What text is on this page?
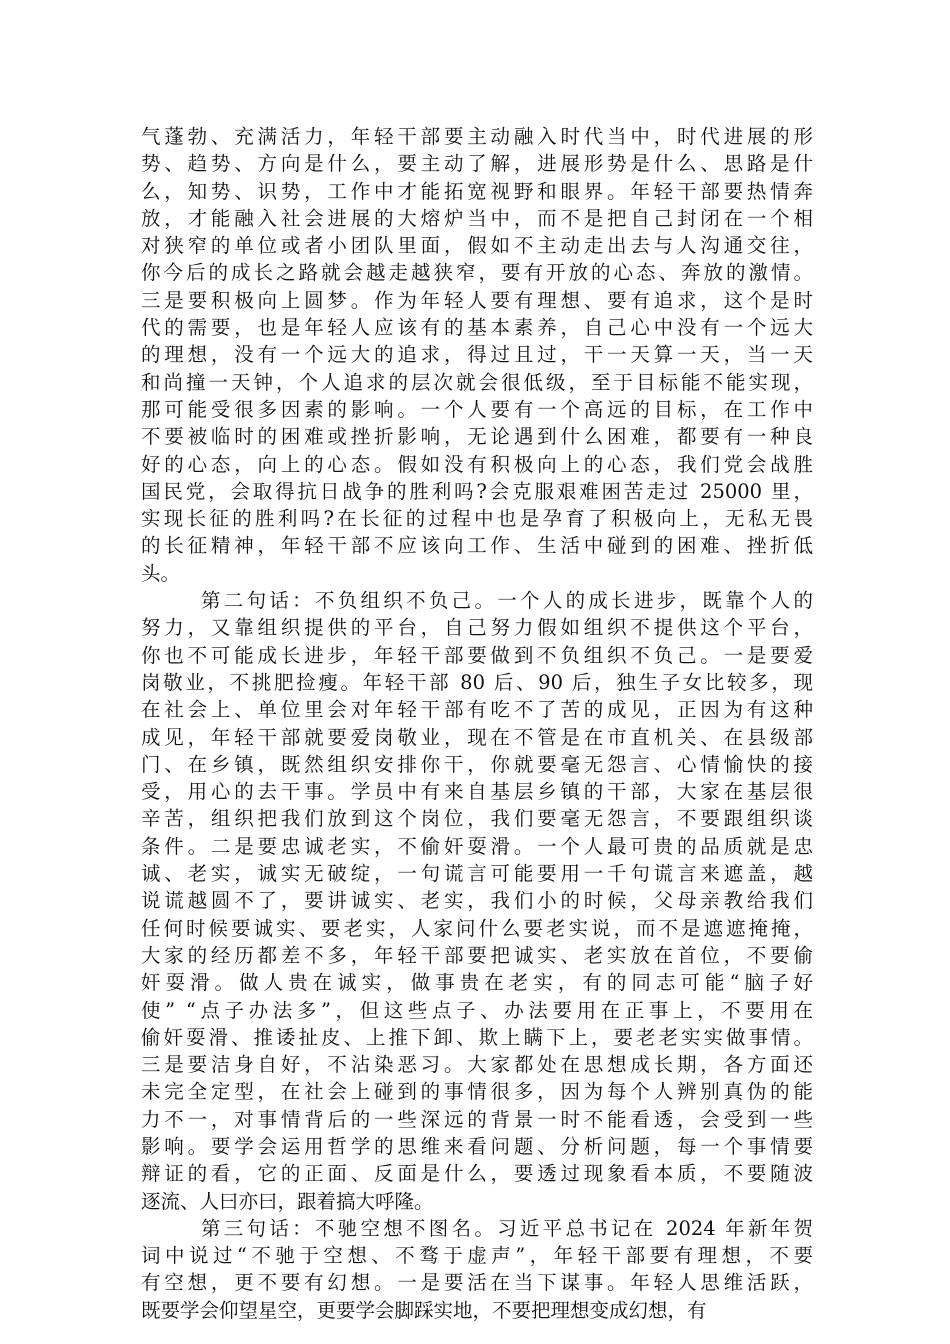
气蓬勃、充满活力，年轻干部要主动融入时代当中，时代进展的形
势、趋势、方向是什么，要主动了解，进展形势是什么、思路是什
么，知势、识势，工作中才能拓宽视野和眼界。年轻干部要热情奔
放，才能融入社会进展的大熔炉当中，而不是把自己封闭在一个相
对狭窄的单位或者小团队里面，假如不主动走出去与人沟通交往，
你今后的成长之路就会越走越狭窄，要有开放的心态、奔放的激情。
三是要积极向上圆梦。作为年轻人要有理想、要有追求，这个是时
代的需要，也是年轻人应该有的基本素养，自己心中没有一个远大
的理想，没有一个远大的追求，得过且过，干一天算一天，当一天
和尚撞一天钟，个人追求的层次就会很低级，至于目标能不能实现，
那可能受很多因素的影响。一个人要有一个高远的目标，在工作中
不要被临时的困难或挫折影响，无论遇到什么困难，都要有一种良
好的心态，向上的心态。假如没有积极向上的心态，我们党会战胜
国民党，会取得抗日战争的胜利吗?会克服艰难困苦走过 25000 里，
实现长征的胜利吗?在长征的过程中也是孕育了积极向上，无私无畏
的长征精神，年轻干部不应该向工作、生活中碰到的困难、挫折低
头。
第二句话：不负组织不负己。一个人的成长进步，既靠个人的
努力，又靠组织提供的平台，自己努力假如组织不提供这个平台，
你也不可能成长进步，年轻干部要做到不负组织不负己。一是要爱
岗敬业，不挑肥捡瘦。年轻干部 80 后、90 后，独生子女比较多，现
在社会上、单位里会对年轻干部有吃不了苦的成见，正因为有这种
成见，年轻干部就要爱岗敬业，现在不管是在市直机关、在县级部
门、在乡镇，既然组织安排你干，你就要毫无怨言、心情愉快的接
受，用心的去干事。学员中有来自基层乡镇的干部，大家在基层很
辛苦，组织把我们放到这个岗位，我们要毫无怨言，不要跟组织谈
条件。二是要忠诚老实，不偷奸耍滑。一个人最可贵的品质就是忠
诚、老实，诚实无破绽，一句谎言可能要用一千句谎言来遮盖，越
说谎越圆不了，要讲诚实、老实，我们小的时候，父母亲教给我们
任何时候要诚实、要老实，人家问什么要老实说，而不是遮遮掩掩，
大家的经历都差不多，年轻干部要把诚实、老实放在首位，不要偷
奸耍滑。做人贵在诚实，做事贵在老实，有的同志可能“脑子好
使” “点子办法多”，但这些点子、办法要用在正事上，不要用在
偷奸耍滑、推诿扯皮、上推下卸、欺上瞒下上，要老老实实做事情。
三是要洁身自好，不沾染恶习。大家都处在思想成长期，各方面还
未完全定型，在社会上碰到的事情很多，因为每个人辨别真伪的能
力不一，对事情背后的一些深远的背景一时不能看透，会受到一些
影响。要学会运用哲学的思维来看问题、分析问题，每一个事情要
辩证的看，它的正面、反面是什么，要透过现象看本质，不要随波
逐流、人曰亦曰，跟着搞大呼隆。
第三句话：不驰空想不图名。习近平总书记在 2024 年新年贺
词中说过“不驰于空想、不骛于虚声”，年轻干部要有理想，不要
有空想，更不要有幻想。一是要活在当下谋事。年轻人思维活跃，
既要学会仰望星空，更要学会脚踩实地，不要把理想变成幻想，有
